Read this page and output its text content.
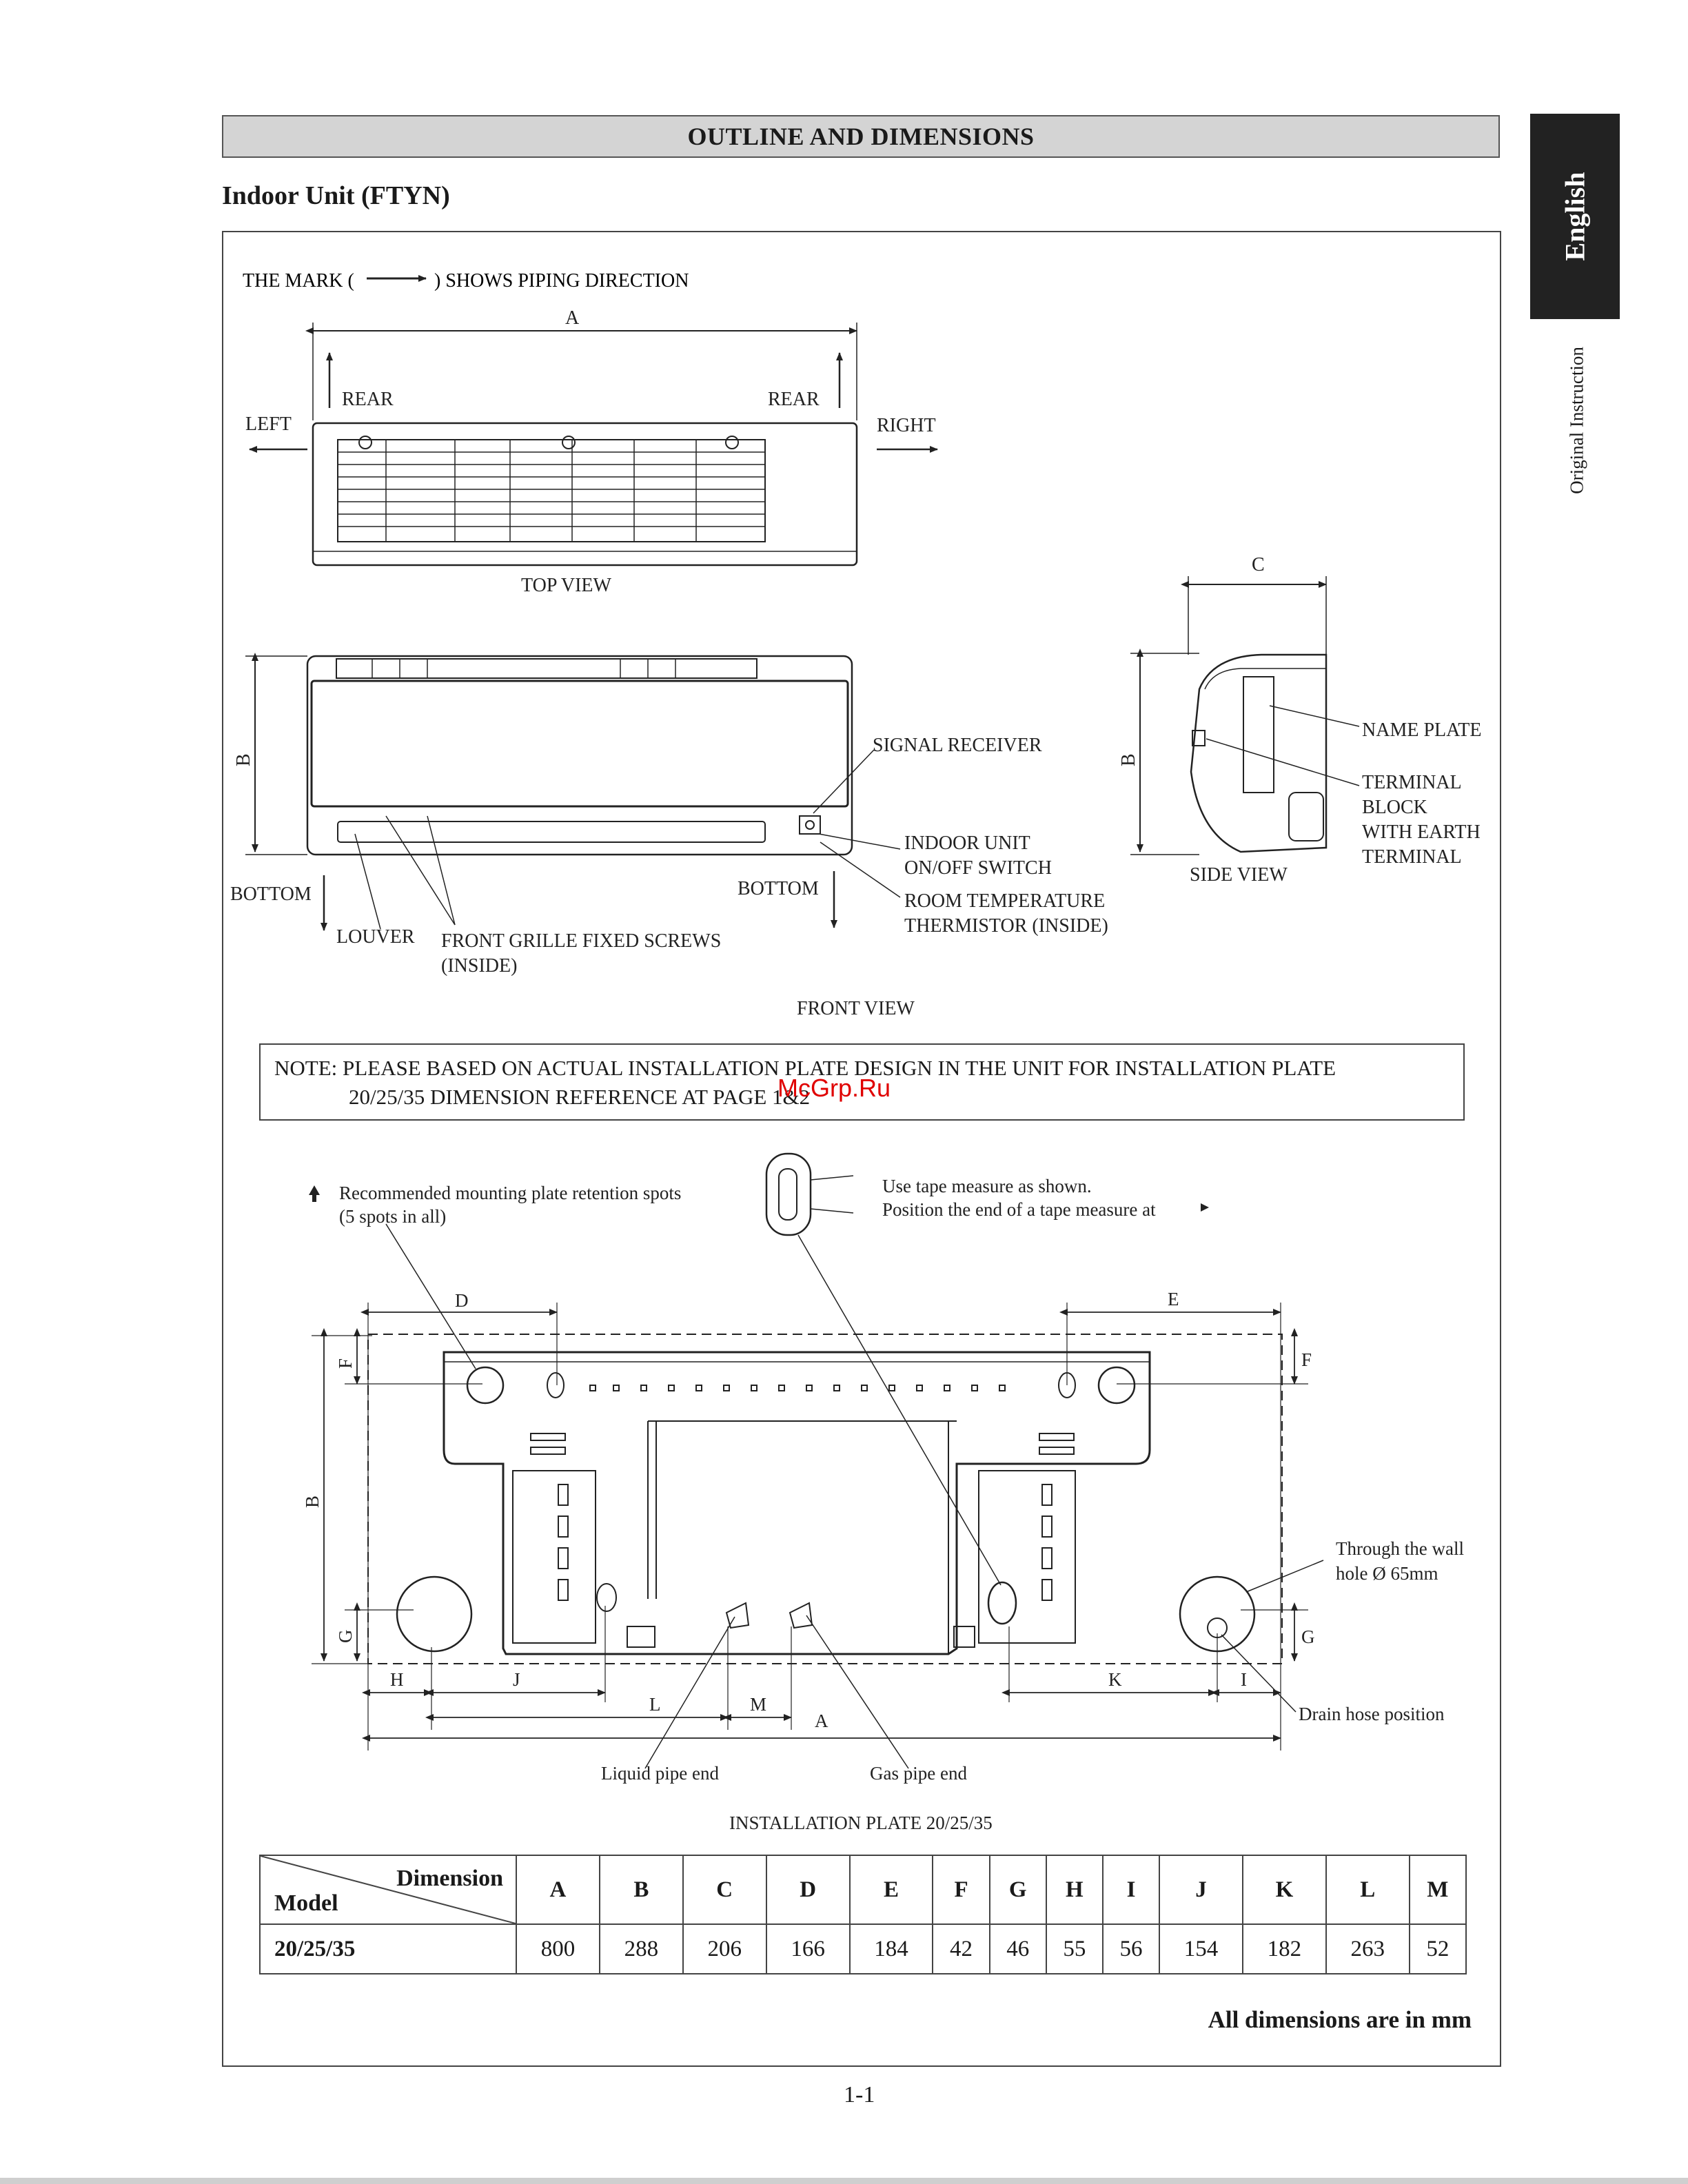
OUTLINE AND DIMENSIONS
Indoor Unit (FTYN)	English
Original Instruction
THE MARK (	) SHOWS PIPING DIRECTION
A
REAR	REAR
LEFT	RIGHT
TOP VIEW
B
SIGNAL RECEIVER
INDOOR UNIT
ON/OFF SWITCH
ROOM TEMPERATURE
THERMISTOR (INSIDE)
BOTTOM	BOTTOM
LOUVER FRONT GRILLE FIXED SCREWS
(INSIDE)
FRONT VIEW
C
B
NAME PLATE
TERMINAL
BLOCK
WITH EARTH
TERMINAL
SIDE VIEW
Recommended mounting plate retention spots
(5 spots in all)
Use tape measure as shown.
Position the end of a tape measure at
Through the wall
hole Ø 65mm
Drain hose position
Liquid pipe end	Gas pipe end
INSTALLATION PLATE 20/25/35
D	E
F	F
B
G	G
H	J
L	M
A
K	I
NOTE: PLEASE BASED ON ACTUAL INSTALLATION PLATE DESIGN IN THE UNIT FOR INSTALLATION PLATE
20/25/35 DIMENSION REFERENCE AT PAGE 1&2
McGrp.Ru
Dimension
Model	A	B	C	D	E	F	G	H	I	J	K	L	M
20/25/35	800	288	206	166	184	42	46	55	56	154	182	263	52
All dimensions are in mm
1-1
